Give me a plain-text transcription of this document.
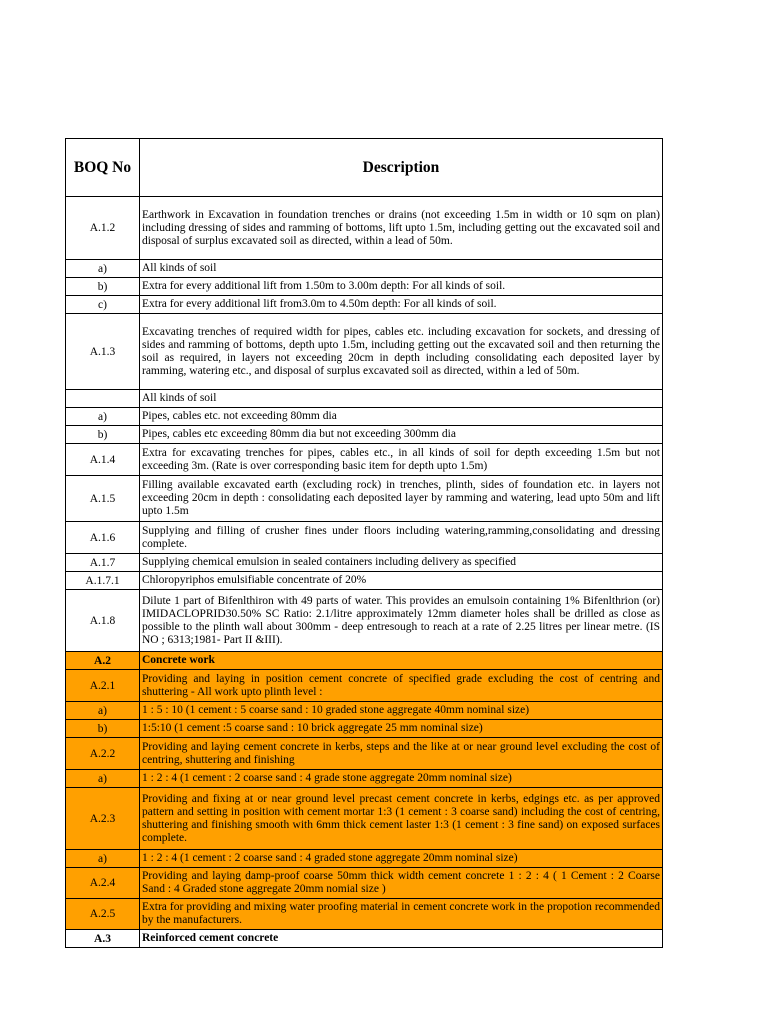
BOQ No	Description
A.1.2	Earthwork in Excavation in foundation trenches or drains (not exceeding 1.5m in width or 10 sqm on plan) including dressing of sides and ramming of bottoms, lift upto 1.5m, including getting out the excavated soil and disposal of surplus excavated soil as directed, within a lead of 50m.
a)	All kinds of soil
b)	Extra for every additional lift from 1.50m to 3.00m depth: For all kinds of soil.
c)	Extra for every additional lift from3.0m to 4.50m depth: For all kinds of soil.
A.1.3	Excavating trenches of required width for pipes, cables etc. including excavation for sockets, and dressing of sides and ramming of bottoms, depth upto 1.5m, including getting out the excavated soil and then returning the soil as required, in layers not exceeding 20cm in depth including consolidating each deposited layer by ramming, watering etc., and disposal of surplus excavated soil as directed, within a led of 50m.
	All kinds of soil
a)	Pipes, cables etc. not exceeding 80mm dia
b)	Pipes, cables etc exceeding 80mm dia but not exceeding 300mm dia
A.1.4	Extra for excavating trenches for pipes, cables etc., in all kinds of soil for depth exceeding 1.5m but not exceeding 3m. (Rate is over corresponding basic item for depth upto 1.5m)
A.1.5	Filling available excavated earth (excluding rock) in trenches, plinth, sides of foundation etc. in layers not exceeding 20cm in depth : consolidating each deposited layer by ramming and watering, lead upto 50m and lift upto 1.5m
A.1.6	Supplying and filling of crusher fines under floors including watering,ramming,consolidating and dressing complete.
A.1.7	Supplying chemical emulsion in sealed containers including delivery as specified
A.1.7.1	Chloropyriphos emulsifiable concentrate of 20%
A.1.8	Dilute 1 part of Bifenlthiron with 49 parts of water. This provides an emulsoin containing 1% Bifenlthrion (or) IMIDACLOPRID30.50% SC Ratio: 2.1/litre approximately 12mm diameter holes shall be drilled as close as possible to the plinth wall about 300mm - deep entresough to reach at a rate of 2.25 litres per linear metre. (IS NO ; 6313;1981- Part II &III).
A.2	Concrete work
A.2.1	Providing and laying in position cement concrete of specified grade excluding the cost of centring and shuttering - All work upto plinth level :
a)	1 : 5 : 10 (1 cement : 5 coarse sand : 10 graded stone aggregate 40mm nominal size)
b)	1:5:10 (1 cement :5 coarse sand : 10 brick aggregate 25 mm nominal size)
A.2.2	Providing and laying cement concrete in kerbs, steps and the like at or near ground level excluding the cost of centring, shuttering and finishing
a)	1 : 2 : 4 (1 cement : 2 coarse sand : 4 grade stone aggregate 20mm nominal size)
A.2.3	Providing and fixing at or near ground level precast cement concrete in kerbs, edgings etc. as per approved pattern and setting in position with cement mortar 1:3 (1 cement : 3 coarse sand) including the cost of centring, shuttering and finishing smooth with 6mm thick cement laster 1:3 (1 cement : 3 fine sand) on exposed surfaces complete.
a)	1 : 2 : 4 (1 cement : 2 coarse sand : 4 graded stone aggregate 20mm nominal size)
A.2.4	Providing and laying damp-proof coarse 50mm thick width cement concrete 1 : 2 : 4 ( 1 Cement : 2 Coarse Sand : 4 Graded stone aggregate 20mm nomial size )
A.2.5	Extra for providing and mixing water proofing material in cement concrete work in the propotion recommended by the manufacturers.
A.3	Reinforced cement concrete
